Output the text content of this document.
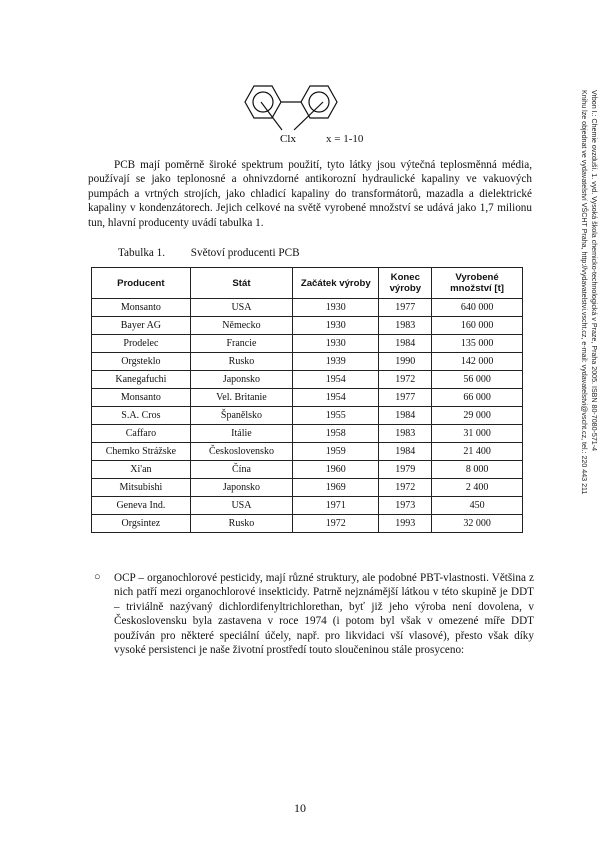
Clx	x = 1-10

PCB mají poměrně široké spektrum použití, tyto látky jsou výtečná teplosměnná média, používají se jako teplonosné a ohnivzdorné antikorozní hydraulické kapaliny ve vakuových pumpách a vrtných strojích, jako chladicí kapaliny do transformátorů, mazadla a dielektrické kapaliny v kondenzátorech. Jejich celkové na světě vyrobené množství se udává jako 1,7 milionu tun, hlavní producenty uvádí tabulka 1.

Tabulka 1. Světoví producenti PCB
Producent	Stát	Začátek výroby	Konec výroby	Vyrobené množství [t]
Monsanto	USA	1930	1977	640 000
Bayer AG	Německo	1930	1983	160 000
Prodelec	Francie	1930	1984	135 000
Orgsteklo	Rusko	1939	1990	142 000
Kanegafuchi	Japonsko	1954	1972	56 000
Monsanto	Vel. Britanie	1954	1977	66 000
S.A. Cros	Španělsko	1955	1984	29 000
Caffaro	Itálie	1958	1983	31 000
Chemko Strážske	Československo	1959	1984	21 400
Xi'an	Čína	1960	1979	8 000
Mitsubishi	Japonsko	1969	1972	2 400
Geneva Ind.	USA	1971	1973	450
Orgsintez	Rusko	1972	1993	32 000
○ OCP – organochlorové pesticidy, mají různé struktury, ale podobné PBT-vlastnosti. Většina z nich patří mezi organochlorové insekticidy. Patrně nejznámější látkou v této skupině je DDT – triviálně nazývaný dichlordifenyltrichlorethan, byť již jeho výroba není dovolena, v Československu byla zastavena v roce 1974 (i potom byl však v omezené míře DDT používán pro některé speciální účely, např. pro likvidaci vší vlasové), přesto však díky vysoké persistenci je naše životní prostředí touto sloučeninou stále prosyceno:

10
Vrbon I.: Chemie ovzduší. 1. vyd. Vysoká škola chemicko-technologická v Praze, Praha 2005. ISBN 80-7080-571-4
Knihu lze objednat ve vydavatelství VŠCHT Praha, http://vydavatelstvi.vscht.cz, e-mail: vydavatelstvi@vscht.cz, tel.: 220 443 211
